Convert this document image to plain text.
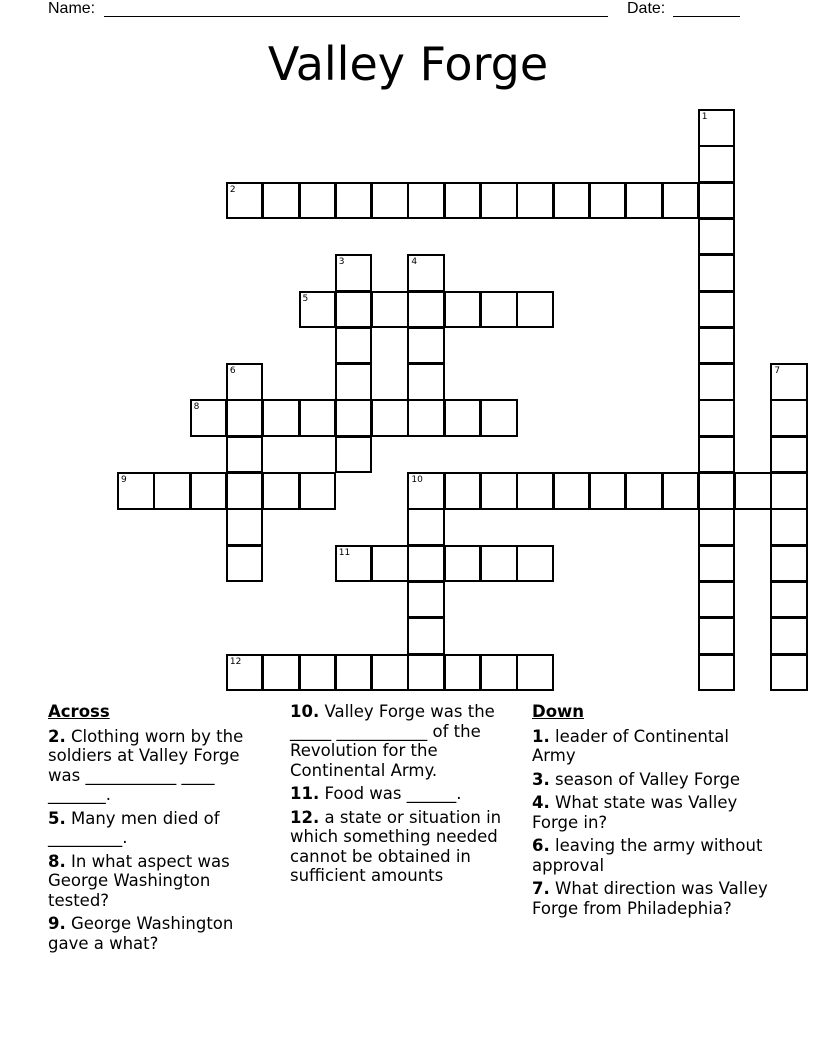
Name:	Date:
Valley Forge
1
2
3	4
5
6	7
8
9	10
11
12
Across
2. Clothing worn by the soldiers at Valley Forge was ___________ ____ _______.
5. Many men died of _________.
8. In what aspect was George Washington tested?
9. George Washington gave a what?
10. Valley Forge was the _____ ___________ of the Revolution for the Continental Army.
11. Food was ______.
12. a state or situation in which something needed cannot be obtained in sufficient amounts
Down
1. leader of Continental Army
3. season of Valley Forge
4. What state was Valley Forge in?
6. leaving the army without approval
7. What direction was Valley Forge from Philadephia?
